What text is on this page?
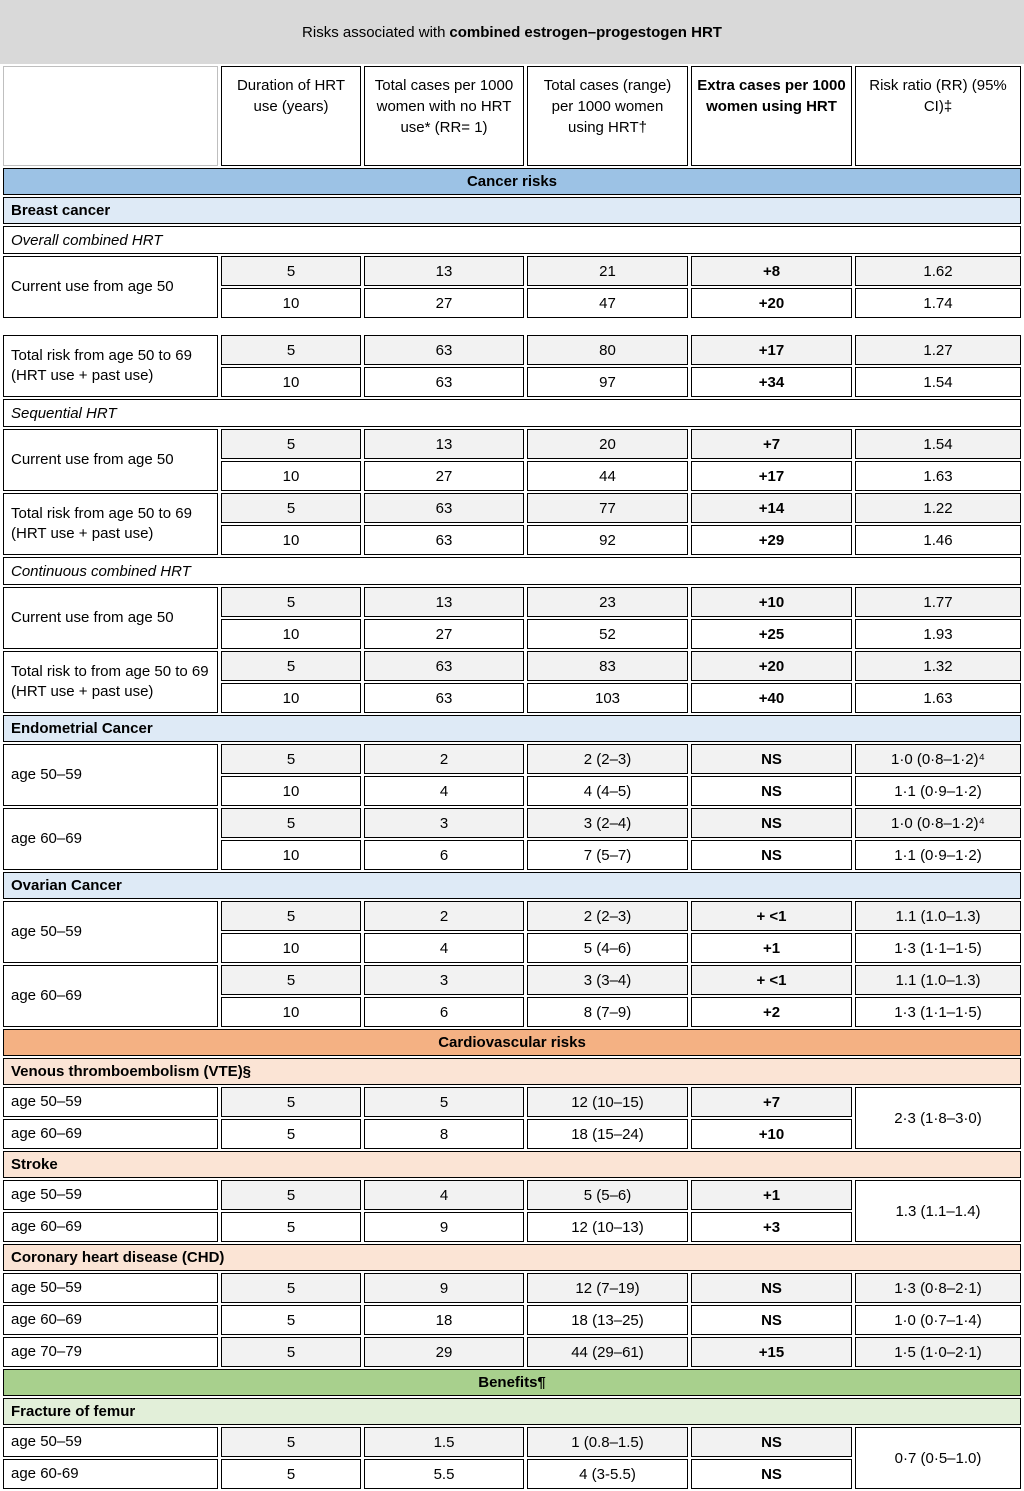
Risks associated with combined estrogen–progestogen HRT
	Duration of HRT use (years)	Total cases per 1000 women with no HRT use* (RR= 1)	Total cases (range) per 1000 women using HRT†	Extra cases per 1000 women using HRT	Risk ratio (RR) (95% CI)‡
Cancer risks					
Breast cancer					
Overall combined HRT					
Current use from age 50	5	13	21	+8	1.62
	10	27	47	+20	1.74

Total risk from age 50 to 69 (HRT use + past use)	5	63	80	+17	1.27
	10	63	97	+34	1.54
Sequential HRT					
Current use from age 50	5	13	20	+7	1.54
	10	27	44	+17	1.63
Total risk from age 50 to 69 (HRT use + past use)	5	63	77	+14	1.22
	10	63	92	+29	1.46
Continuous combined HRT					
Current use from age 50	5	13	23	+10	1.77
	10	27	52	+25	1.93
Total risk to from age 50 to 69 (HRT use + past use)	5	63	83	+20	1.32
	10	63	103	+40	1.63
Endometrial Cancer					
age 50–59	5	2	2 (2–3)	NS	1·0 (0·8–1·2)⁴
	10	4	4 (4–5)	NS	1·1 (0·9–1·2)
age 60–69	5	3	3 (2–4)	NS	1·0 (0·8–1·2)⁴
	10	6	7 (5–7)	NS	1·1 (0·9–1·2)
Ovarian Cancer					
age 50–59	5	2	2 (2–3)	+ <1	1.1 (1.0–1.3)
	10	4	5 (4–6)	+1	1·3 (1·1–1·5)
age 60–69	5	3	3 (3–4)	+ <1	1.1 (1.0–1.3)
	10	6	8 (7–9)	+2	1·3 (1·1–1·5)
Cardiovascular risks					
Venous thromboembolism (VTE)§					
age 50–59	5	5	12 (10–15)	+7	2·3 (1·8–3·0)
age 60–69	5	8	18 (15–24)	+10	
Stroke					
age 50–59	5	4	5 (5–6)	+1	1.3 (1.1–1.4)
age 60–69	5	9	12 (10–13)	+3	
Coronary heart disease (CHD)					
age 50–59	5	9	12 (7–19)	NS	1·3 (0·8–2·1)
age 60–69	5	18	18 (13–25)	NS	1·0 (0·7–1·4)
age 70–79	5	29	44 (29–61)	+15	1·5 (1·0–2·1)
Benefits¶					
Fracture of femur					
age 50–59	5	1.5	1 (0.8–1.5)	NS	0·7 (0·5–1.0)
age 60-69	5	5.5	4 (3-5.5)	NS	
